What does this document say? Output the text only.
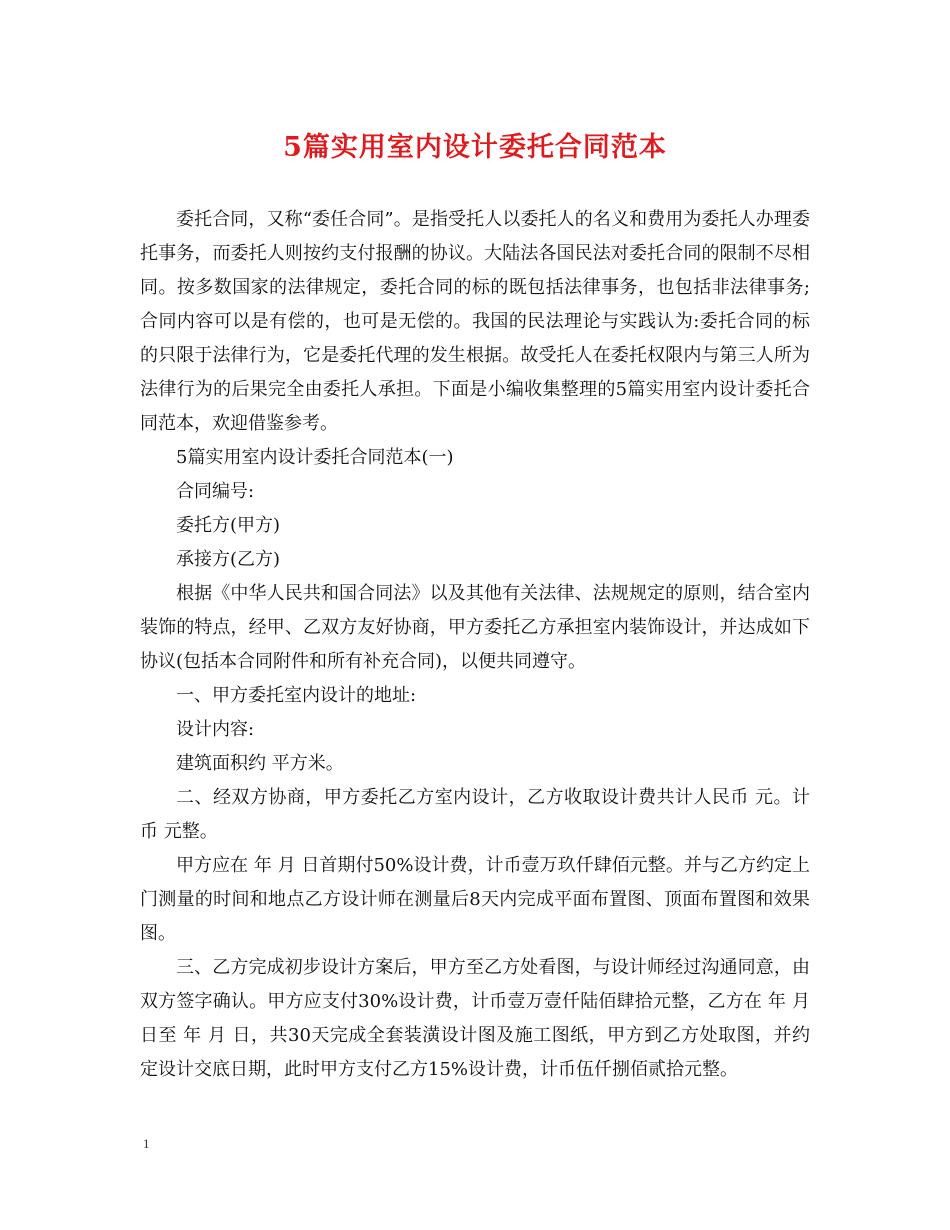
5篇实用室内设计委托合同范本

委托合同，又称“委任合同”。是指受托人以委托人的名义和费用为委托人办理委托事务，而委托人则按约支付报酬的协议。大陆法各国民法对委托合同的限制不尽相同。按多数国家的法律规定，委托合同的标的既包括法律事务，也包括非法律事务;合同内容可以是有偿的，也可是无偿的。我国的民法理论与实践认为:委托合同的标的只限于法律行为，它是委托代理的发生根据。故受托人在委托权限内与第三人所为法律行为的后果完全由委托人承担。下面是小编收集整理的5篇实用室内设计委托合同范本，欢迎借鉴参考。

5篇实用室内设计委托合同范本(一)

合同编号:

委托方(甲方)

承接方(乙方)

根据《中华人民共和国合同法》以及其他有关法律、法规规定的原则，结合室内装饰的特点，经甲、乙双方友好协商，甲方委托乙方承担室内装饰设计，并达成如下协议(包括本合同附件和所有补充合同)，以便共同遵守。

一、甲方委托室内设计的地址:

设计内容:

建筑面积约 平方米。

二、经双方协商，甲方委托乙方室内设计，乙方收取设计费共计人民币 元。计币 元整。

甲方应在 年 月 日首期付50%设计费，计币壹万玖仟肆佰元整。并与乙方约定上门测量的时间和地点乙方设计师在测量后8天内完成平面布置图、顶面布置图和效果图。

三、乙方完成初步设计方案后，甲方至乙方处看图，与设计师经过沟通同意，由双方签字确认。甲方应支付30%设计费，计币壹万壹仟陆佰肆拾元整，乙方在 年 月 日至 年 月 日，共30天完成全套装潢设计图及施工图纸，甲方到乙方处取图，并约定设计交底日期，此时甲方支付乙方15%设计费，计币伍仟捌佰贰拾元整。

1
